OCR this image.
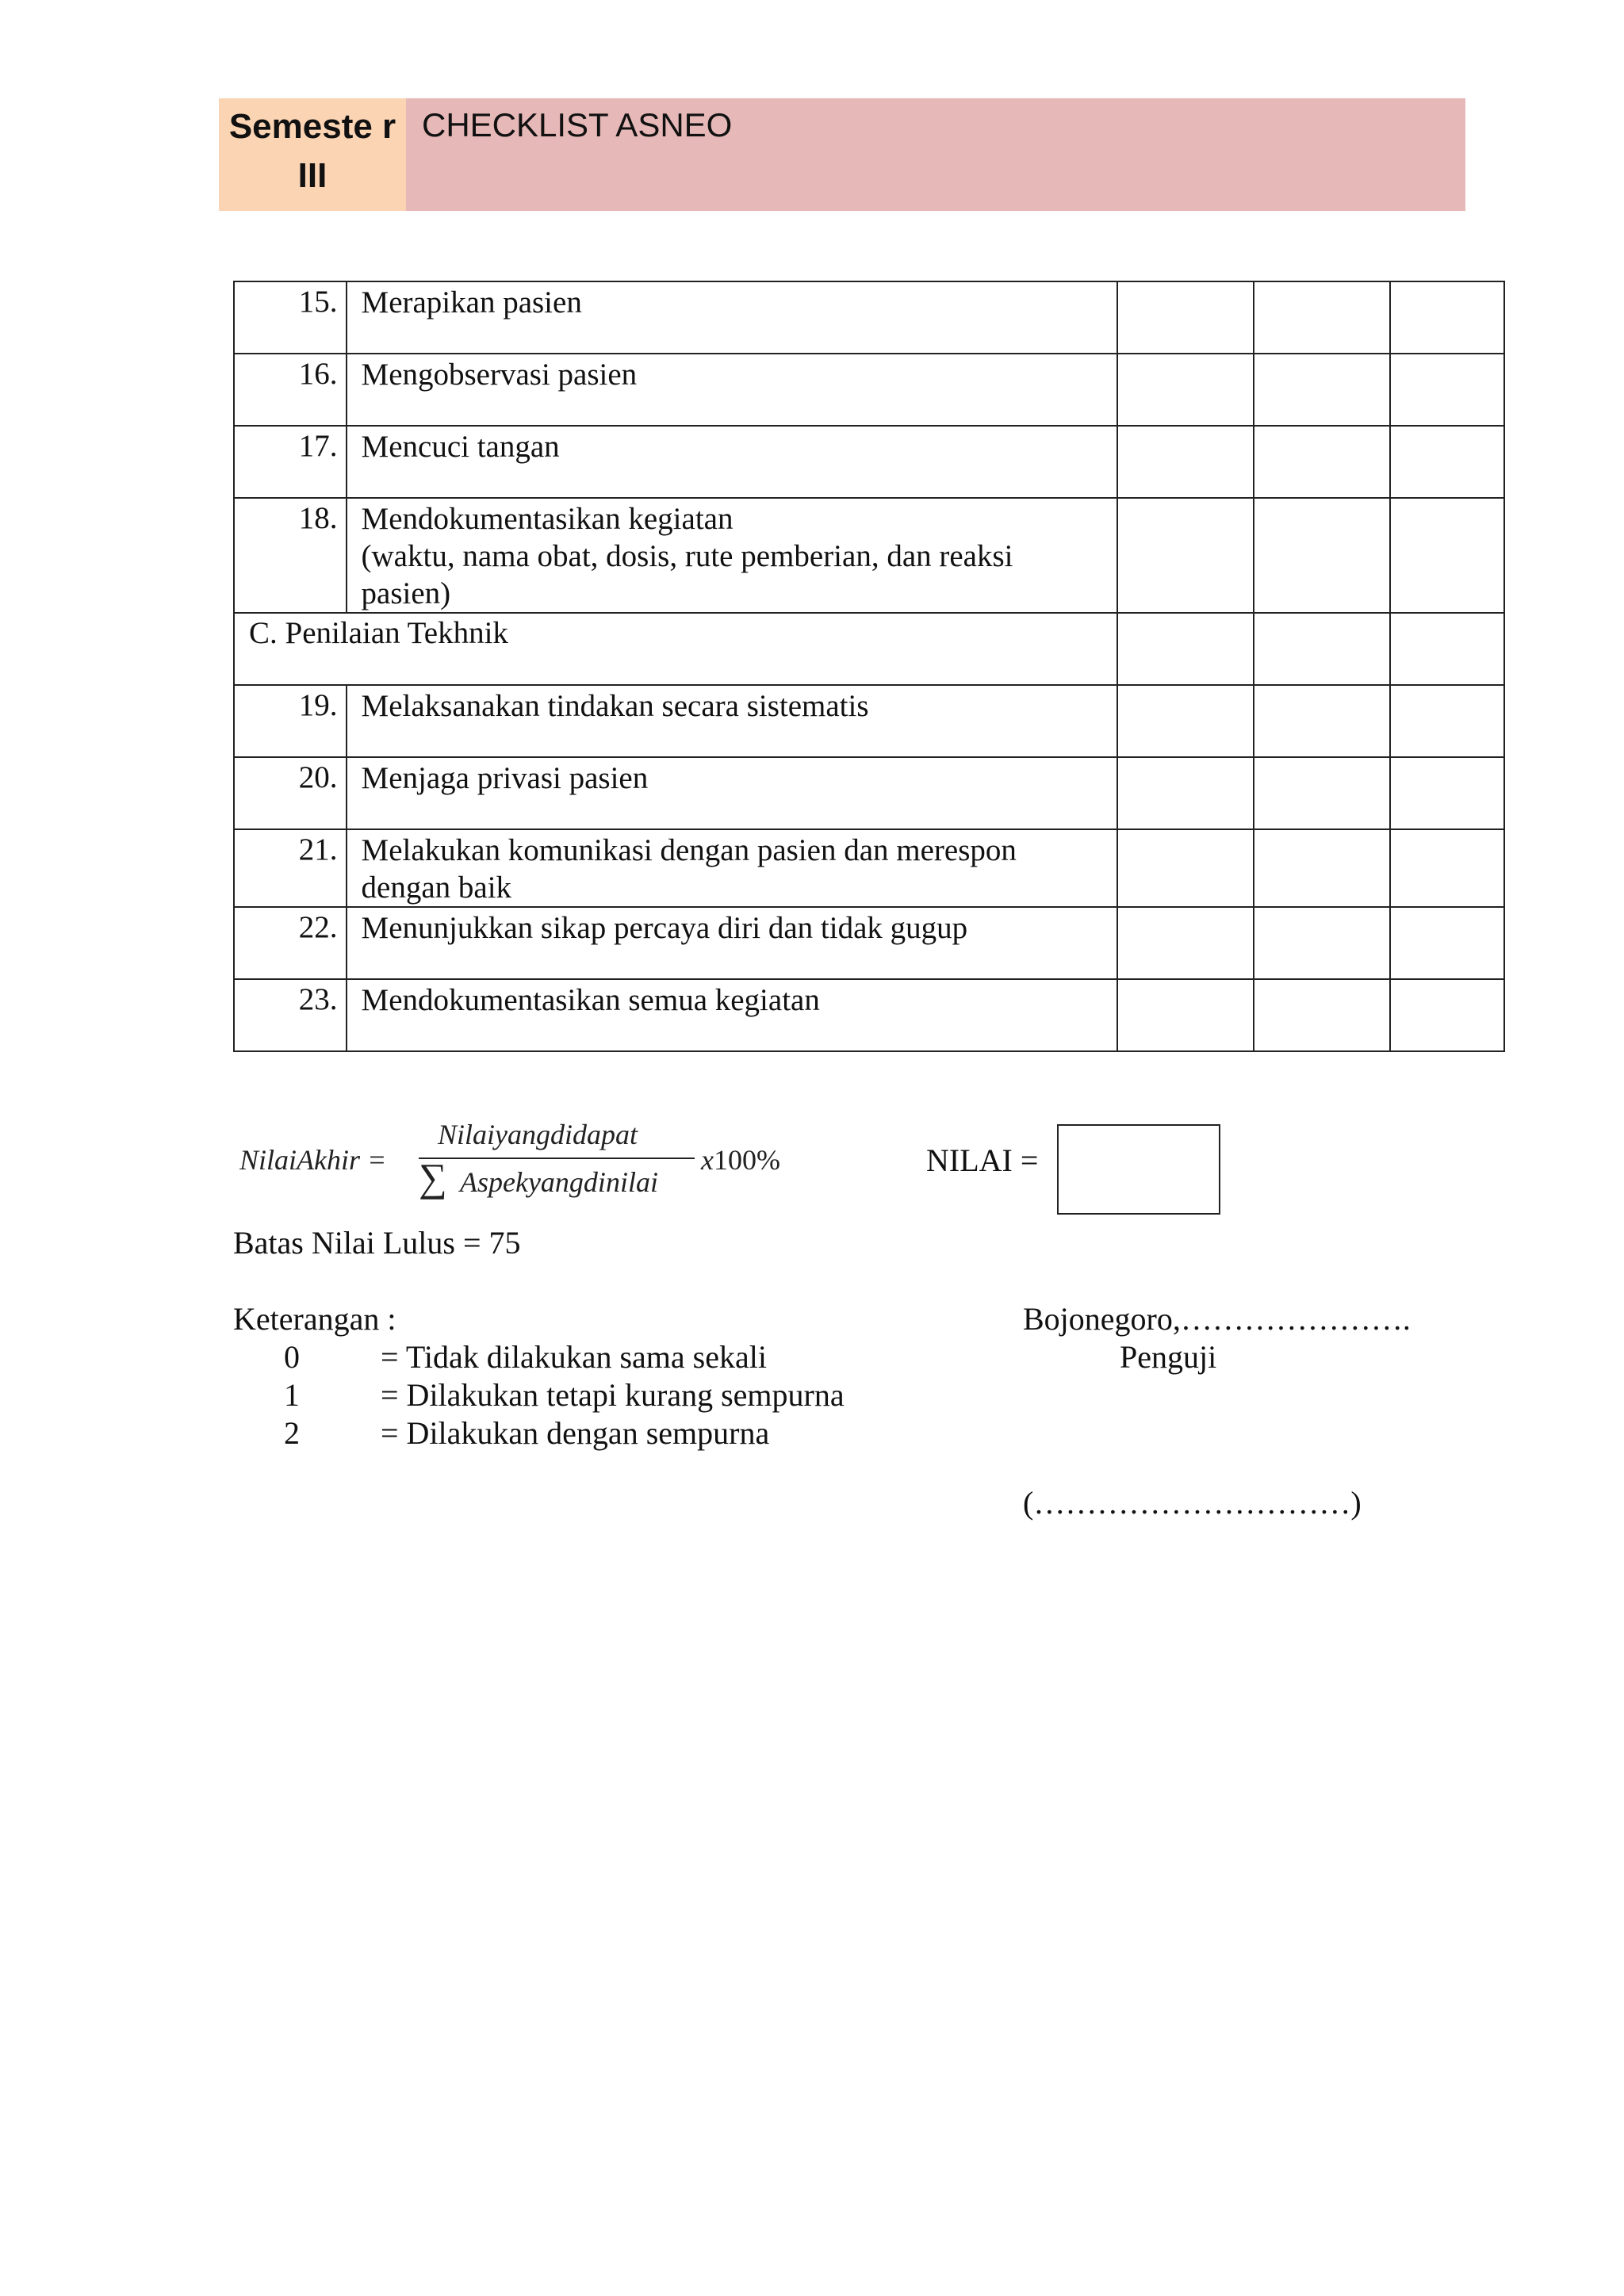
Semeste r III
CHECKLIST ASNEO
15.	Merapikan pasien			
16.	Mengobservasi pasien			
17.	Mencuci tangan			
18.	Mendokumentasikan kegiatan
(waktu, nama obat, dosis, rute pemberian, dan reaksi pasien)			

C. Penilaian Tekhnik				
19.	Melaksanakan tindakan secara sistematis			
20.	Menjaga privasi pasien			
21.	Melakukan komunikasi dengan pasien dan merespon dengan baik			
22.	Menunjukkan sikap percaya diri dan tidak gugup			
23.	Mendokumentasikan semua kegiatan			
NilaiAkhir =
Nilaiyangdidapat
∑ Aspekyangdinilai
x100%	NILAI =
Batas Nilai Lulus = 75
Keterangan :
0	= Tidak dilakukan sama sekali
1	= Dilakukan tetapi kurang sempurna
2	= Dilakukan dengan sempurna
Bojonegoro,………………….
Penguji
(…………………………)
